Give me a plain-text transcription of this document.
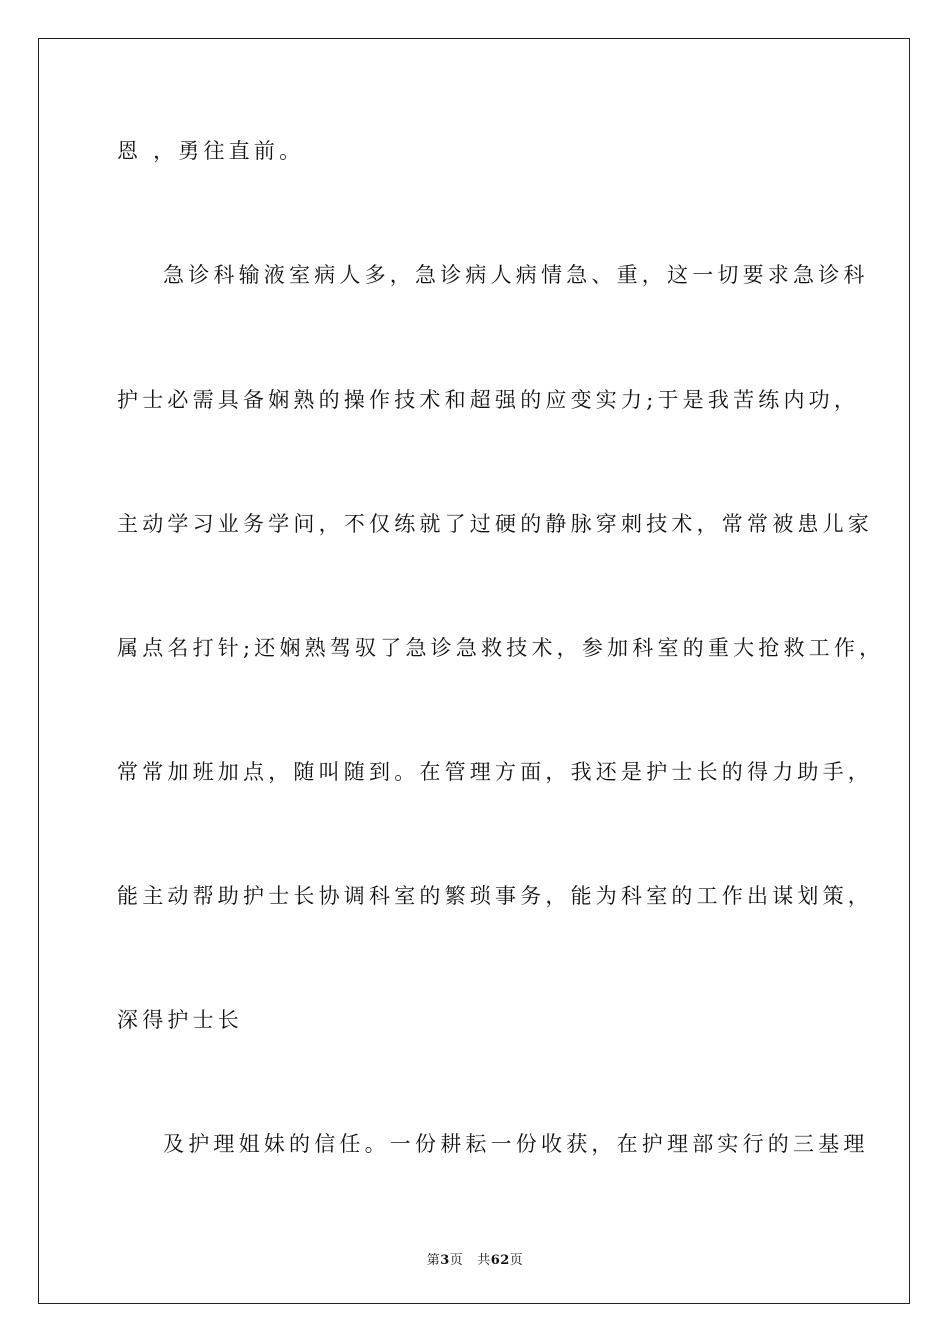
恩 ，勇往直前。
急诊科输液室病人多，急诊病人病情急、重，这一切要求急诊科
护士必需具备娴熟的操作技术和超强的应变实力;于是我苦练内功，
主动学习业务学问，不仅练就了过硬的静脉穿刺技术，常常被患儿家
属点名打针;还娴熟驾驭了急诊急救技术，参加科室的重大抢救工作，
常常加班加点，随叫随到。在管理方面，我还是护士长的得力助手，
能主动帮助护士长协调科室的繁琐事务，能为科室的工作出谋划策，
深得护士长
及护理姐妹的信任。一份耕耘一份收获，在护理部实行的三基理
第3页 共62页
